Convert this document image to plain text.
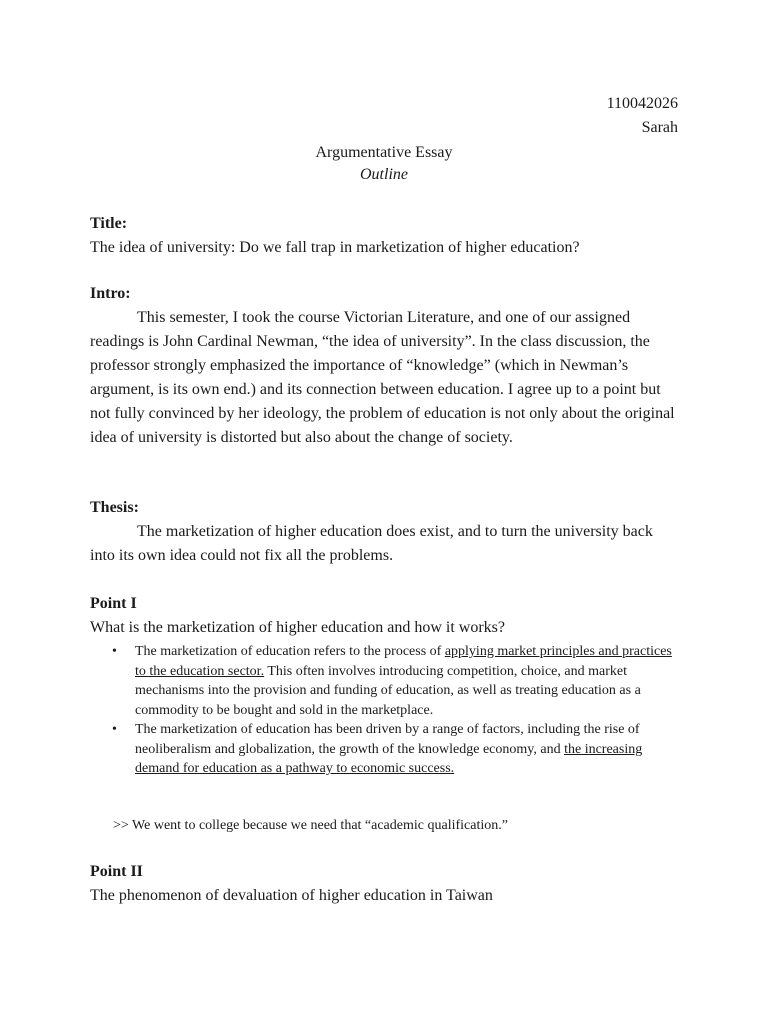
110042026
Sarah
Argumentative Essay
Outline
Title:
The idea of university: Do we fall trap in marketization of higher education?
Intro:

This semester, I took the course Victorian Literature, and one of our assigned readings is John Cardinal Newman, “the idea of university”. In the class discussion, the professor strongly emphasized the importance of “knowledge” (which in Newman’s argument, is its own end.) and its connection between education. I agree up to a point but not fully convinced by her ideology, the problem of education is not only about the original idea of university is distorted but also about the change of society.

Thesis:

The marketization of higher education does exist, and to turn the university back into its own idea could not fix all the problems.

Point I
What is the marketization of higher education and how it works?
• The marketization of education refers to the process of applying market principles and practices to the education sector. This often involves introducing competition, choice, and market mechanisms into the provision and funding of education, as well as treating education as a commodity to be bought and sold in the marketplace.
• The marketization of education has been driven by a range of factors, including the rise of neoliberalism and globalization, the growth of the knowledge economy, and the increasing demand for education as a pathway to economic success.
>> We went to college because we need that “academic qualification.”
Point II
The phenomenon of devaluation of higher education in Taiwan
